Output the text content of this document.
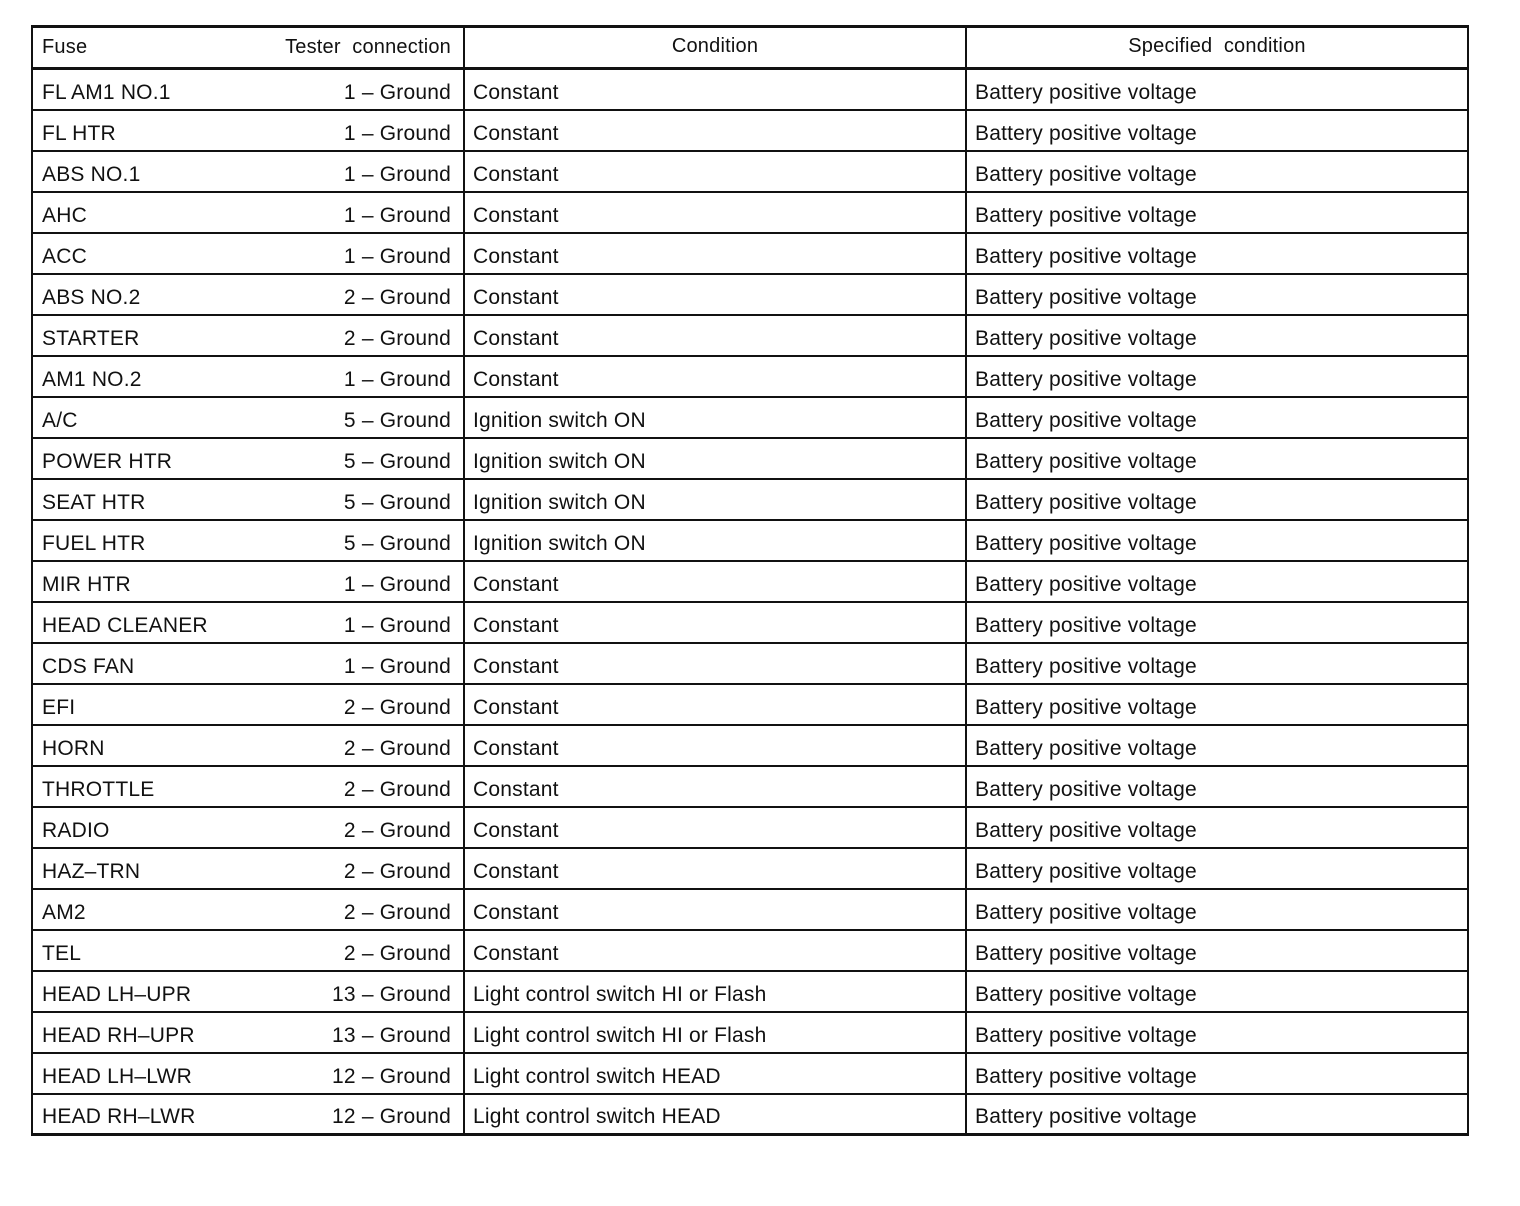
Fuse Tester  connection	Condition	Specified  condition

FL AM1 NO.1 1 – Ground	Constant	Battery positive voltage

FL HTR 1 – Ground	Constant	Battery positive voltage

ABS NO.1 1 – Ground	Constant	Battery positive voltage

AHC 1 – Ground	Constant	Battery positive voltage

ACC 1 – Ground	Constant	Battery positive voltage

ABS NO.2 2 – Ground	Constant	Battery positive voltage

STARTER 2 – Ground	Constant	Battery positive voltage

AM1 NO.2 1 – Ground	Constant	Battery positive voltage

A/C 5 – Ground	Ignition switch ON	Battery positive voltage

POWER HTR 5 – Ground	Ignition switch ON	Battery positive voltage

SEAT HTR 5 – Ground	Ignition switch ON	Battery positive voltage

FUEL HTR 5 – Ground	Ignition switch ON	Battery positive voltage

MIR HTR 1 – Ground	Constant	Battery positive voltage

HEAD CLEANER 1 – Ground	Constant	Battery positive voltage

CDS FAN 1 – Ground	Constant	Battery positive voltage

EFI 2 – Ground	Constant	Battery positive voltage

HORN 2 – Ground	Constant	Battery positive voltage

THROTTLE 2 – Ground	Constant	Battery positive voltage

RADIO 2 – Ground	Constant	Battery positive voltage

HAZ–TRN 2 – Ground	Constant	Battery positive voltage

AM2 2 – Ground	Constant	Battery positive voltage

TEL 2 – Ground	Constant	Battery positive voltage

HEAD LH–UPR 13 – Ground	Light control switch HI or Flash	Battery positive voltage

HEAD RH–UPR 13 – Ground	Light control switch HI or Flash	Battery positive voltage

HEAD LH–LWR 12 – Ground	Light control switch HEAD	Battery positive voltage

HEAD RH–LWR 12 – Ground	Light control switch HEAD	Battery positive voltage
